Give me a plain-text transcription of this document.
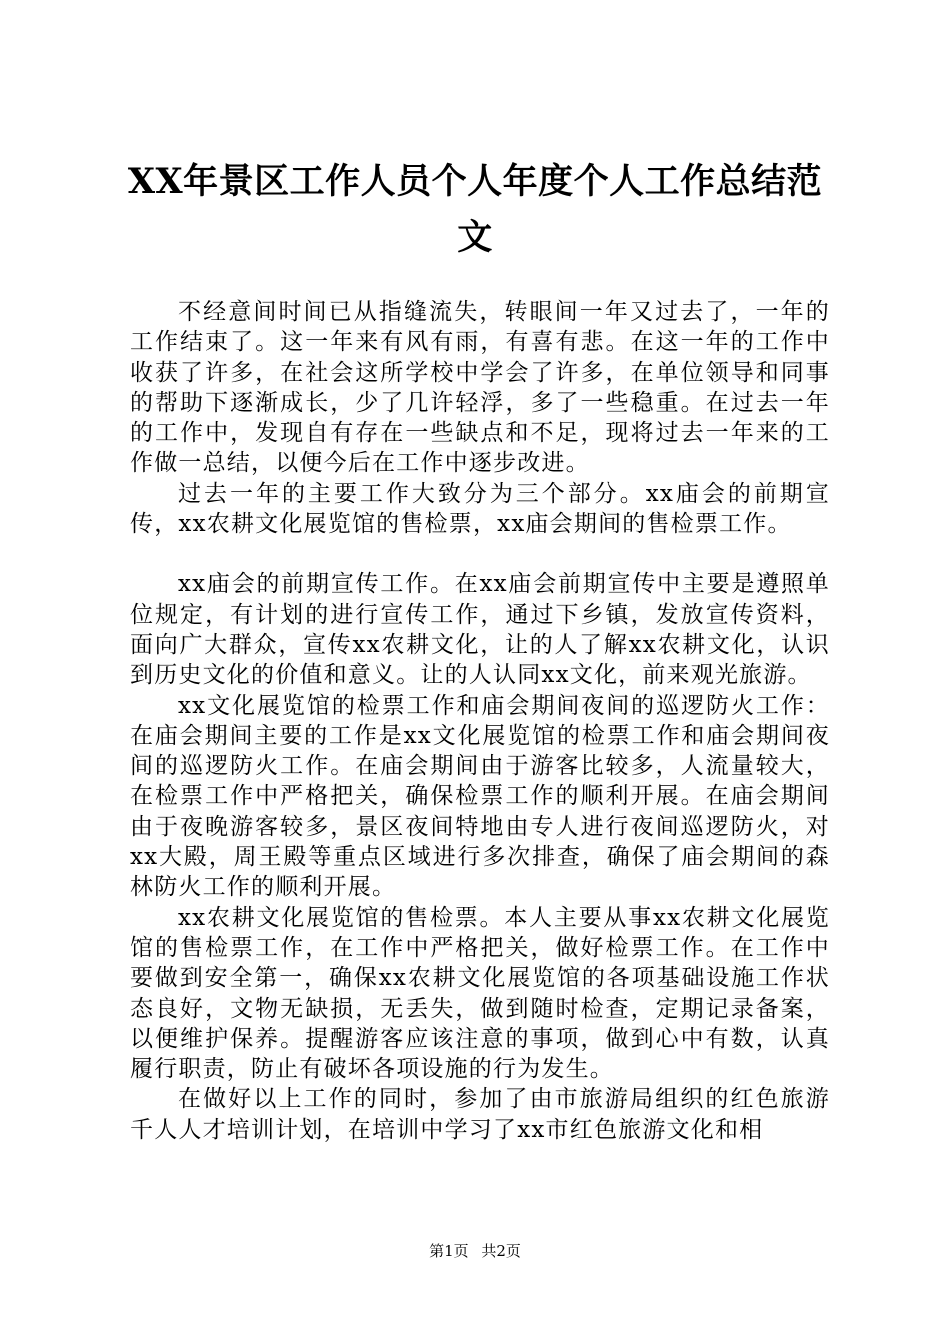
XX年景区工作人员个人年度个人工作总结范文

不经意间时间已从指缝流失，转眼间一年又过去了，一年的工作结束了。这一年来有风有雨，有喜有悲。在这一年的工作中收获了许多，在社会这所学校中学会了许多，在单位领导和同事的帮助下逐渐成长，少了几许轻浮，多了一些稳重。在过去一年的工作中，发现自有存在一些缺点和不足，现将过去一年来的工作做一总结，以便今后在工作中逐步改进。

过去一年的主要工作大致分为三个部分。xx庙会的前期宣传，xx农耕文化展览馆的售检票，xx庙会期间的售检票工作。

xx庙会的前期宣传工作。在xx庙会前期宣传中主要是遵照单位规定，有计划的进行宣传工作，通过下乡镇，发放宣传资料，面向广大群众，宣传xx农耕文化，让的人了解xx农耕文化，认识到历史文化的价值和意义。让的人认同xx文化，前来观光旅游。

xx文化展览馆的检票工作和庙会期间夜间的巡逻防火工作：在庙会期间主要的工作是xx文化展览馆的检票工作和庙会期间夜间的巡逻防火工作。在庙会期间由于游客比较多，人流量较大，在检票工作中严格把关，确保检票工作的顺利开展。在庙会期间由于夜晚游客较多，景区夜间特地由专人进行夜间巡逻防火，对xx大殿，周王殿等重点区域进行多次排查，确保了庙会期间的森林防火工作的顺利开展。

xx农耕文化展览馆的售检票。本人主要从事xx农耕文化展览馆的售检票工作，在工作中严格把关，做好检票工作。在工作中要做到安全第一，确保xx农耕文化展览馆的各项基础设施工作状态良好，文物无缺损，无丢失，做到随时检查，定期记录备案，以便维护保养。提醒游客应该注意的事项，做到心中有数，认真履行职责，防止有破坏各项设施的行为发生。

在做好以上工作的同时，参加了由市旅游局组织的红色旅游千人人才培训计划，在培训中学习了xx市红色旅游文化和相

第1页 共2页
